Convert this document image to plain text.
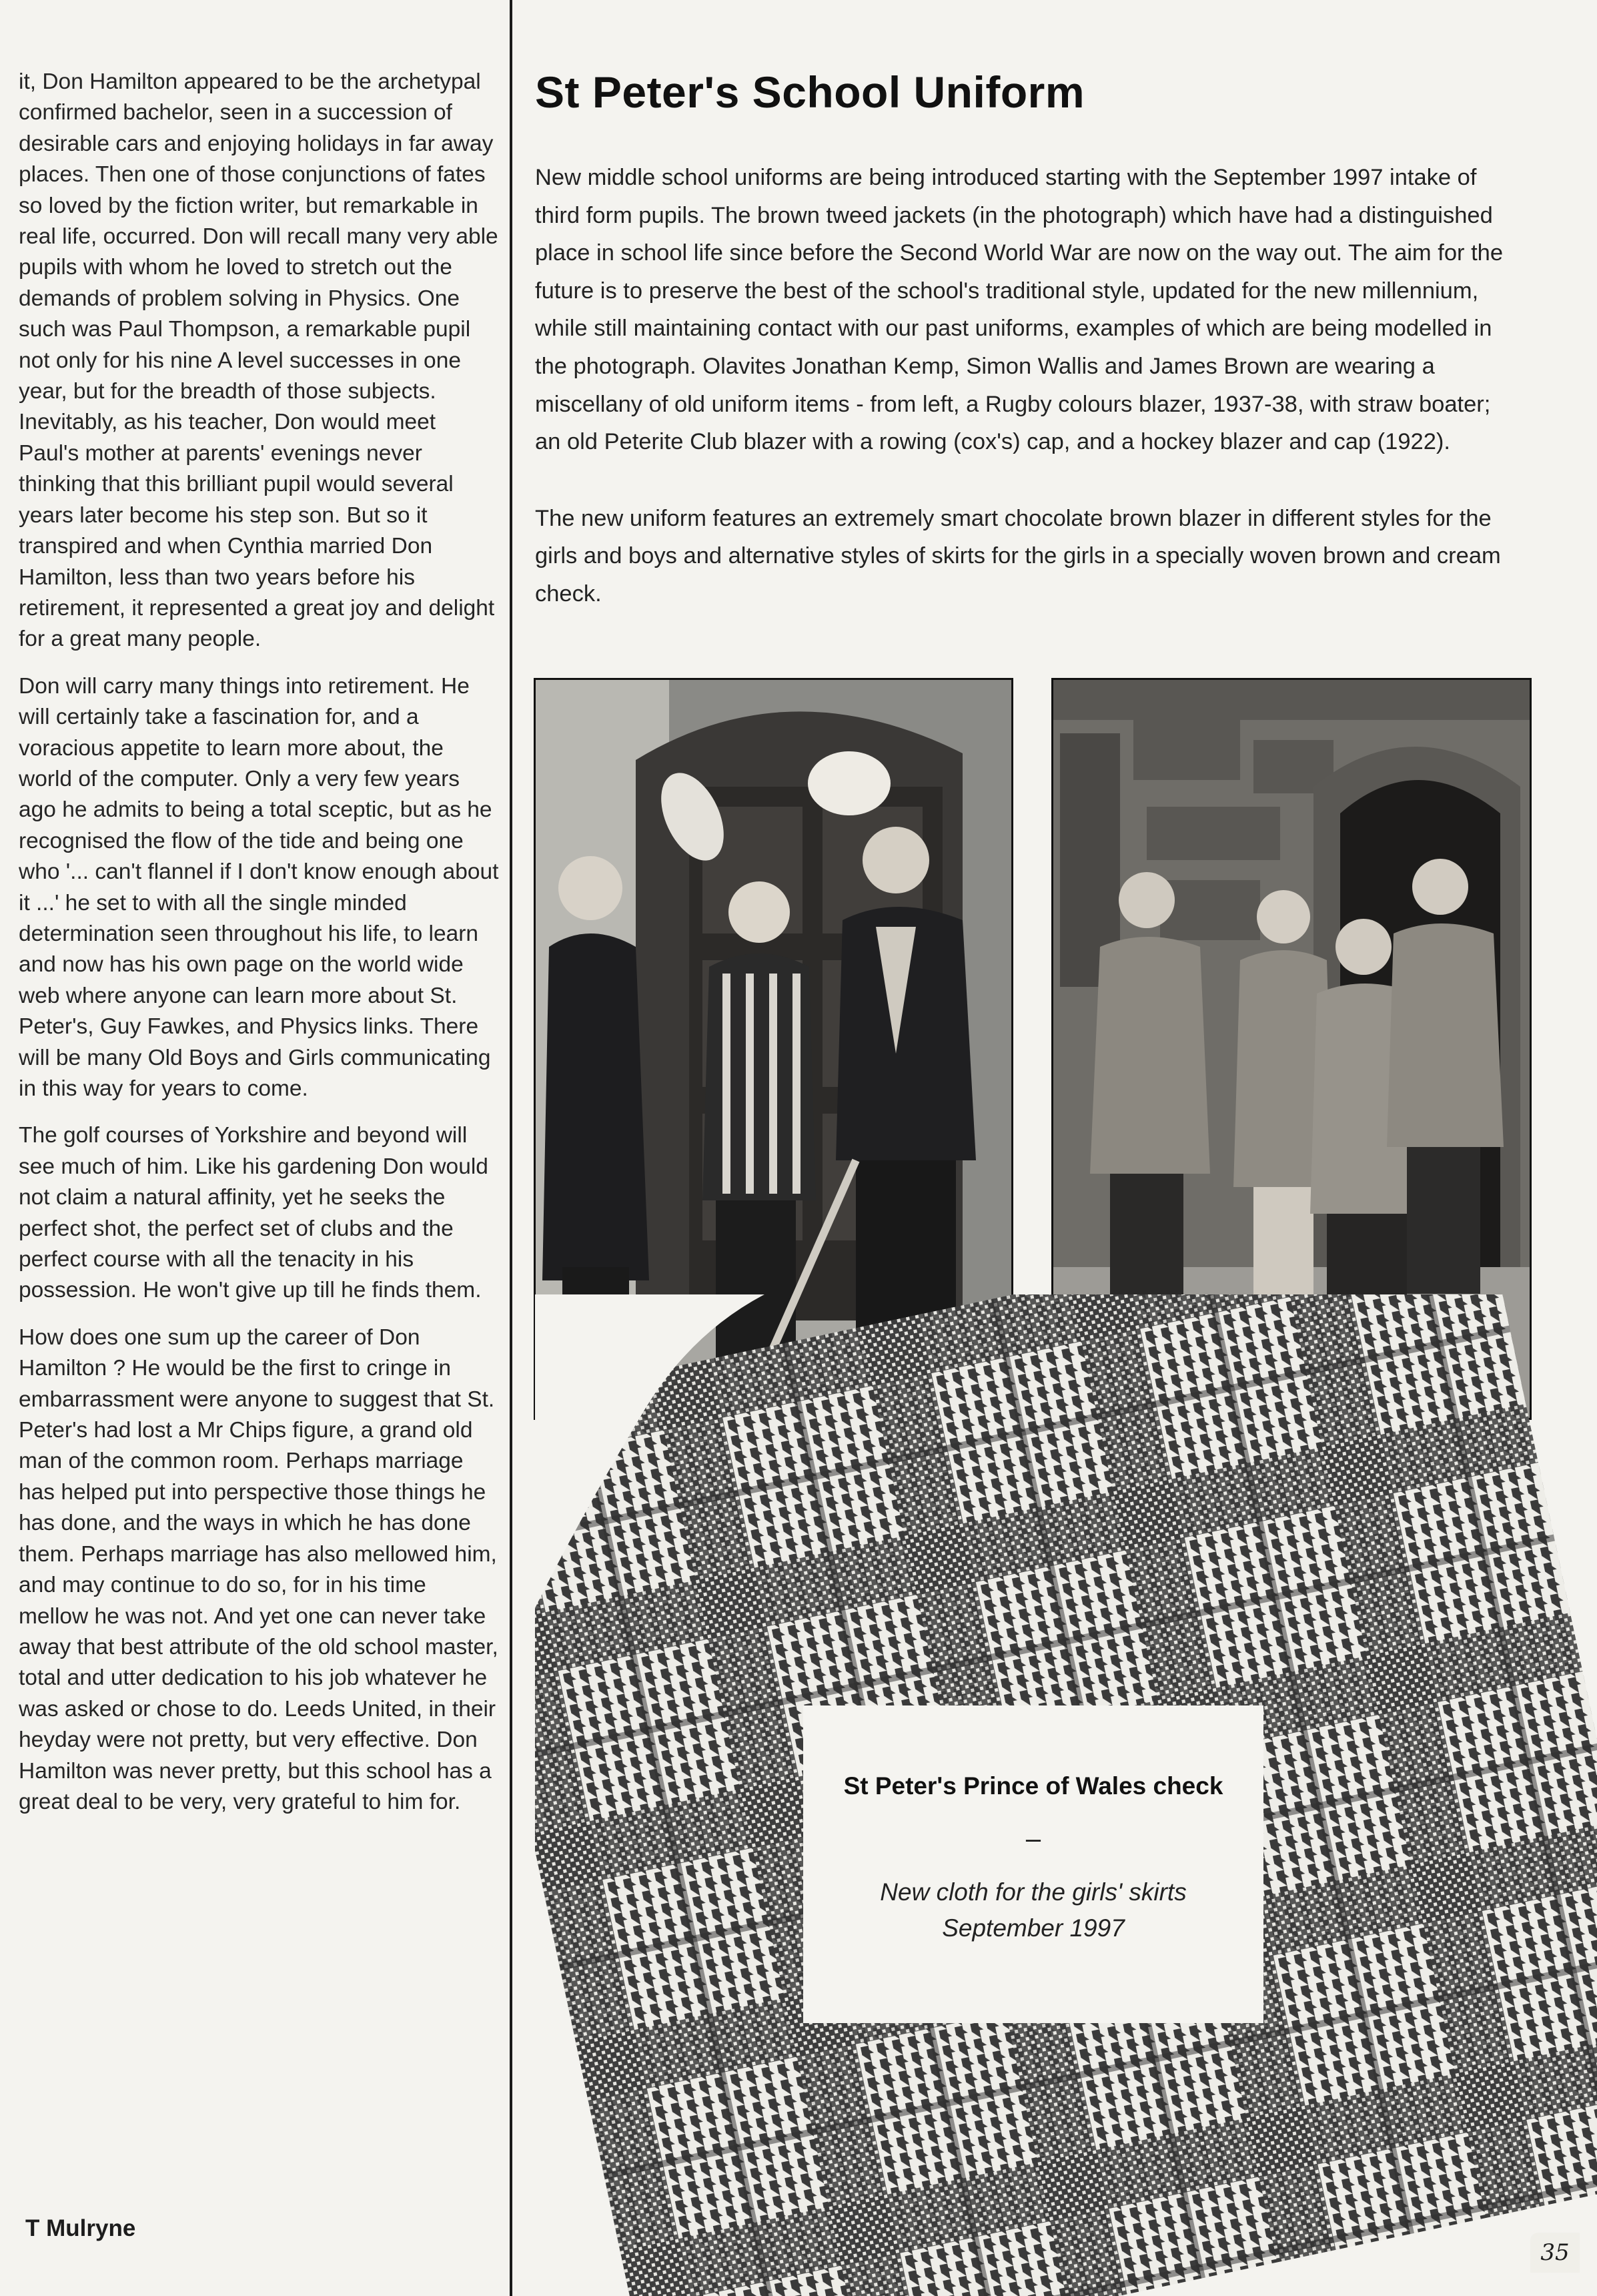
it, Don Hamilton appeared to be the archetypal confirmed bachelor, seen in a succession of desirable cars and enjoying holidays in far away places. Then one of those conjunctions of fates so loved by the fiction writer, but remarkable in real life, occurred. Don will recall many very able pupils with whom he loved to stretch out the demands of problem solving in Physics. One such was Paul Thompson, a remarkable pupil not only for his nine A level successes in one year, but for the breadth of those subjects. Inevitably, as his teacher, Don would meet Paul's mother at parents' evenings never thinking that this brilliant pupil would several years later become his step son. But so it transpired and when Cynthia married Don Hamilton, less than two years before his retirement, it represented a great joy and delight for a great many people.

Don will carry many things into retirement. He will certainly take a fascination for, and a voracious appetite to learn more about, the world of the computer. Only a very few years ago he admits to being a total sceptic, but as he recognised the flow of the tide and being one who '... can't flannel if I don't know enough about it ...' he set to with all the single minded determination seen throughout his life, to learn and now has his own page on the world wide web where anyone can learn more about St. Peter's, Guy Fawkes, and Physics links. There will be many Old Boys and Girls communicating in this way for years to come.

The golf courses of Yorkshire and beyond will see much of him. Like his gardening Don would not claim a natural affinity, yet he seeks the perfect shot, the perfect set of clubs and the perfect course with all the tenacity in his possession. He won't give up till he finds them.

How does one sum up the career of Don Hamilton ? He would be the first to cringe in embarrassment were anyone to suggest that St. Peter's had lost a Mr Chips figure, a grand old man of the common room. Perhaps marriage has helped put into perspective those things he has done, and the ways in which he has done them. Perhaps marriage has also mellowed him, and may continue to do so, for in his time mellow he was not. And yet one can never take away that best attribute of the old school master, total and utter dedication to his job whatever he was asked or chose to do. Leeds United, in their heyday were not pretty, but very effective. Don Hamilton was never pretty, but this school has a great deal to be very, very grateful to him for.

T Mulryne
St Peter's School Uniform

New middle school uniforms are being introduced starting with the September 1997 intake of third form pupils. The brown tweed jackets (in the photograph) which have had a distinguished place in school life since before the Second World War are now on the way out. The aim for the future is to preserve the best of the school's traditional style, updated for the new millennium, while still maintaining contact with our past uniforms, examples of which are being modelled in the photograph. Olavites Jonathan Kemp, Simon Wallis and James Brown are wearing a miscellany of old uniform items - from left, a Rugby colours blazer, 1937-38, with straw boater; an old Peterite Club blazer with a rowing (cox's) cap, and a hockey blazer and cap (1922).

The new uniform features an extremely smart chocolate brown blazer in different styles for the girls and boys and alternative styles of skirts for the girls in a specially woven brown and cream check.

St Peter's Prince of Wales check
–
New cloth for the girls' skirts
September 1997
35
